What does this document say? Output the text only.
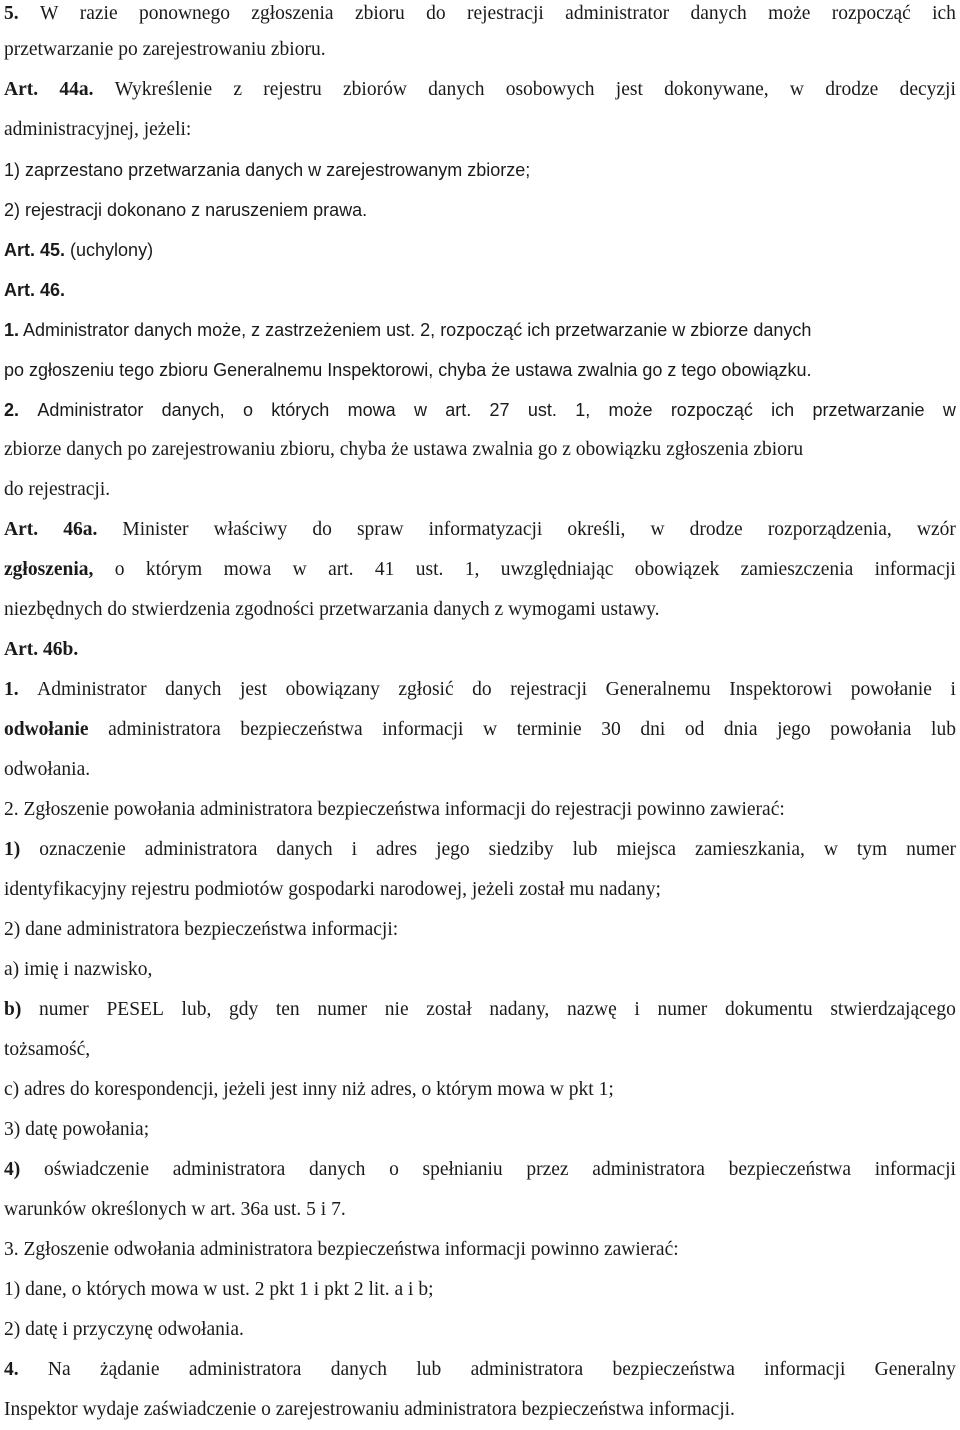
5. W razie ponownego zgłoszenia zbioru do rejestracji administrator danych może rozpocząć ich
przetwarzanie po zarejestrowaniu zbioru.
Art. 44a. Wykreślenie z rejestru zbiorów danych osobowych jest dokonywane, w drodze decyzji
administracyjnej, jeżeli:
1) zaprzestano przetwarzania danych w zarejestrowanym zbiorze;
2) rejestracji dokonano z naruszeniem prawa.
Art. 45. (uchylony)
Art. 46.
1. Administrator danych może, z zastrzeżeniem ust. 2, rozpocząć ich przetwarzanie w zbiorze danych
po zgłoszeniu tego zbioru Generalnemu Inspektorowi, chyba że ustawa zwalnia go z tego obowiązku.
2. Administrator danych, o których mowa w art. 27 ust. 1, może rozpocząć ich przetwarzanie w
zbiorze danych po zarejestrowaniu zbioru, chyba że ustawa zwalnia go z obowiązku zgłoszenia zbioru
do rejestracji.
Art. 46a. Minister właściwy do spraw informatyzacji określi, w drodze rozporządzenia, wzór
zgłoszenia, o którym mowa w art. 41 ust. 1, uwzględniając obowiązek zamieszczenia informacji
niezbędnych do stwierdzenia zgodności przetwarzania danych z wymogami ustawy.
Art. 46b.
1. Administrator danych jest obowiązany zgłosić do rejestracji Generalnemu Inspektorowi powołanie i
odwołanie administratora bezpieczeństwa informacji w terminie 30 dni od dnia jego powołania lub
odwołania.
2. Zgłoszenie powołania administratora bezpieczeństwa informacji do rejestracji powinno zawierać:
1) oznaczenie administratora danych i adres jego siedziby lub miejsca zamieszkania, w tym numer
identyfikacyjny rejestru podmiotów gospodarki narodowej, jeżeli został mu nadany;
2) dane administratora bezpieczeństwa informacji:
a) imię i nazwisko,
b) numer PESEL lub, gdy ten numer nie został nadany, nazwę i numer dokumentu stwierdzającego
tożsamość,
c) adres do korespondencji, jeżeli jest inny niż adres, o którym mowa w pkt 1;
3) datę powołania;
4) oświadczenie administratora danych o spełnianiu przez administratora bezpieczeństwa informacji
warunków określonych w art. 36a ust. 5 i 7.
3. Zgłoszenie odwołania administratora bezpieczeństwa informacji powinno zawierać:
1) dane, o których mowa w ust. 2 pkt 1 i pkt 2 lit. a i b;
2) datę i przyczynę odwołania.
4. Na żądanie administratora danych lub administratora bezpieczeństwa informacji Generalny
Inspektor wydaje zaświadczenie o zarejestrowaniu administratora bezpieczeństwa informacji.
